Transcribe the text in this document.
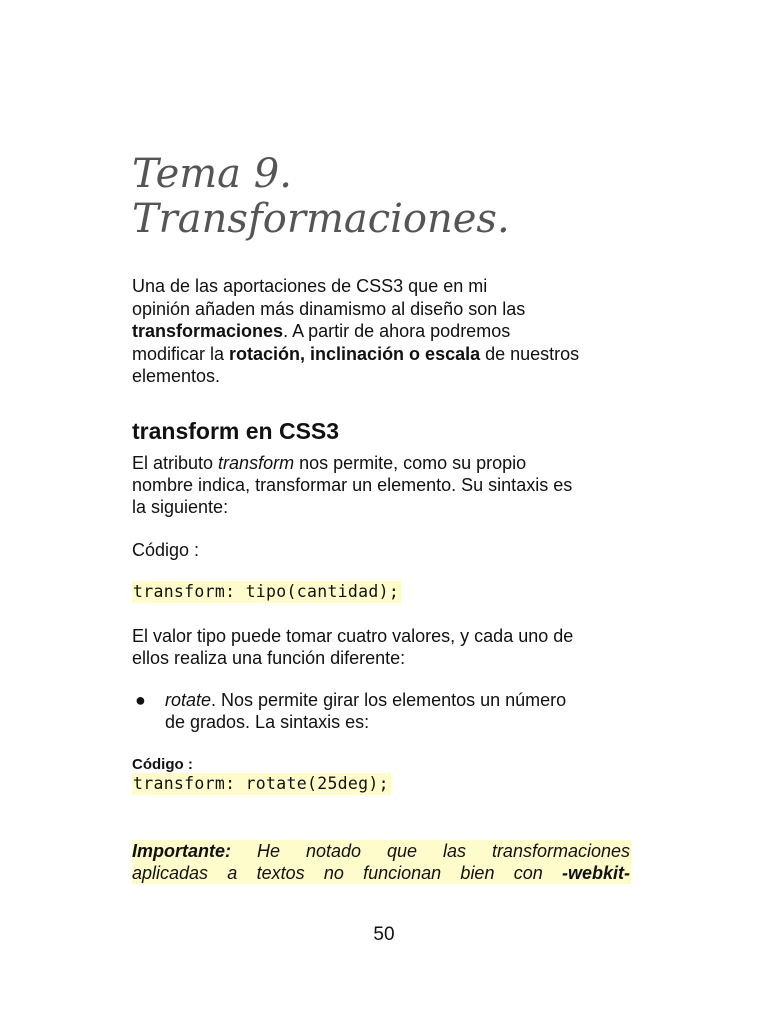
Tema 9.
Transformaciones.

Una de las aportaciones de CSS3 que en mi
opinión añaden más dinamismo al diseño son las
transformaciones. A partir de ahora podremos
modificar la rotación, inclinación o escala de nuestros
elementos.

transform en CSS3

El atributo transform nos permite, como su propio
nombre indica, transformar un elemento. Su sintaxis es
la siguiente:

Código :

transform: tipo(cantidad);

El valor tipo puede tomar cuatro valores, y cada uno de
ellos realiza una función diferente:

● rotate. Nos permite girar los elementos un número
de grados. La sintaxis es:

Código :

transform: rotate(25deg);

Importante: He notado que las transformaciones
aplicadas a textos no funcionan bien con -webkit-
50
